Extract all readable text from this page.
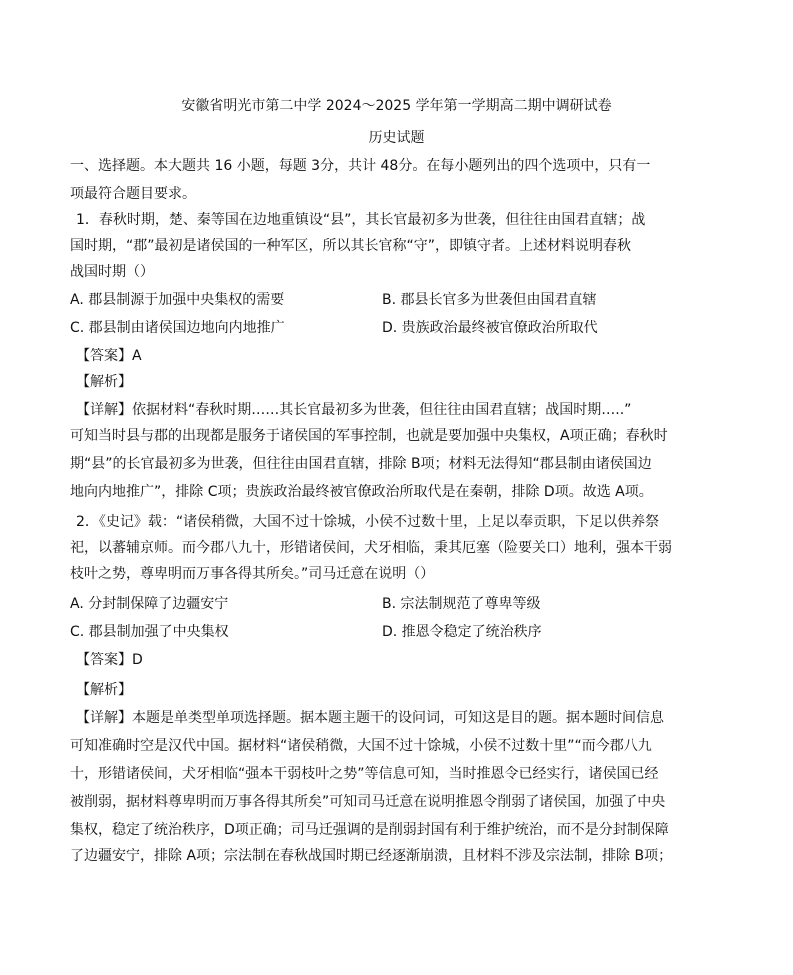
安徽省明光市第二中学 2024～2025 学年第一学期高二期中调研试卷
历史试题
一、选择题。本大题共 16 小题，每题 3分，共计 48分。在每小题列出的四个选项中，只有一
项最符合题目要求。
1．春秋时期，楚、秦等国在边地重镇设“县”，其长官最初多为世袭，但往往由国君直辖；战
国时期，“郡”最初是诸侯国的一种军区，所以其长官称“守”，即镇守者。上述材料说明春秋
战国时期（）
A. 郡县制源于加强中央集权的需要	B. 郡县长官多为世袭但由国君直辖
C. 郡县制由诸侯国边地向内地推广	D. 贵族政治最终被官僚政治所取代
【答案】A
【解析】
【详解】依据材料“春秋时期……其长官最初多为世袭，但往往由国君直辖；战国时期…..”
可知当时县与郡的出现都是服务于诸侯国的军事控制，也就是要加强中央集权，A项正确；春秋时
期“县”的长官最初多为世袭，但往往由国君直辖，排除 B项；材料无法得知“郡县制由诸侯国边
地向内地推广”，排除 C项；贵族政治最终被官僚政治所取代是在秦朝，排除 D项。故选 A项。
2．《史记》载：“诸侯稍微，大国不过十馀城，小侯不过数十里，上足以奉贡职，下足以供养祭
祀，以蕃辅京师。而今郡八九十，形错诸侯间，犬牙相临，秉其厄塞（险要关口）地利，强本干弱
枝叶之势，尊卑明而万事各得其所矣。”司马迁意在说明（）
A. 分封制保障了边疆安宁	B. 宗法制规范了尊卑等级
C. 郡县制加强了中央集权	D. 推恩令稳定了统治秩序
【答案】D
【解析】
【详解】本题是单类型单项选择题。据本题主题干的设问词，可知这是目的题。据本题时间信息
可知准确时空是汉代中国。据材料“诸侯稍微，大国不过十馀城，小侯不过数十里”“而今郡八九
十，形错诸侯间，犬牙相临“强本干弱枝叶之势”等信息可知，当时推恩令已经实行，诸侯国已经
被削弱，据材料尊卑明而万事各得其所矣”可知司马迁意在说明推恩令削弱了诸侯国，加强了中央
集权，稳定了统治秩序，D项正确；司马迁强调的是削弱封国有利于维护统治，而不是分封制保障
了边疆安宁，排除 A项；宗法制在春秋战国时期已经逐渐崩溃，且材料不涉及宗法制，排除 B项；
